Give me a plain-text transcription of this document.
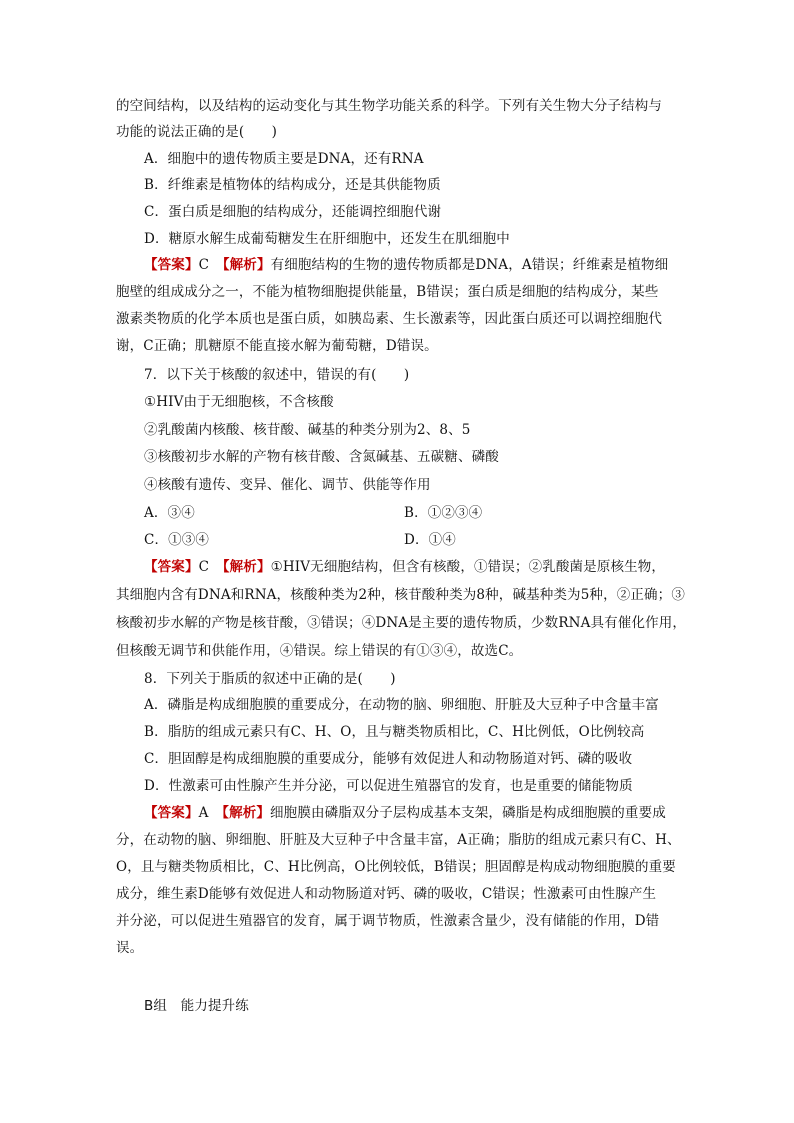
的空间结构，以及结构的运动变化与其生物学功能关系的科学。下列有关生物大分子结构与
功能的说法正确的是(　　)
A．细胞中的遗传物质主要是DNA，还有RNA
B．纤维素是植物体的结构成分，还是其供能物质
C．蛋白质是细胞的结构成分，还能调控细胞代谢
D．糖原水解生成葡萄糖发生在肝细胞中，还发生在肌细胞中
【答案】C　 【解析】有细胞结构的生物的遗传物质都是DNA，A错误；纤维素是植物细
胞壁的组成成分之一，不能为植物细胞提供能量，B错误；蛋白质是细胞的结构成分，某些
激素类物质的化学本质也是蛋白质，如胰岛素、生长激素等，因此蛋白质还可以调控细胞代
谢，C正确；肌糖原不能直接水解为葡萄糖，D错误。
7．以下关于核酸的叙述中，错误的有(　　)
①HIV由于无细胞核，不含核酸
②乳酸菌内核酸、核苷酸、碱基的种类分别为2、8、5
③核酸初步水解的产物有核苷酸、含氮碱基、五碳糖、磷酸
④核酸有遗传、变异、催化、调节、供能等作用
A．③④	B．①②③④
C．①③④	D．①④
【答案】C　 【解析】①HIV无细胞结构，但含有核酸，①错误；②乳酸菌是原核生物，
其细胞内含有DNA和RNA，核酸种类为2种，核苷酸种类为8种，碱基种类为5种，②正确；③
核酸初步水解的产物是核苷酸，③错误；④DNA是主要的遗传物质，少数RNA具有催化作用，
但核酸无调节和供能作用，④错误。综上错误的有①③④，故选C。
8．下列关于脂质的叙述中正确的是(　　)
A．磷脂是构成细胞膜的重要成分，在动物的脑、卵细胞、肝脏及大豆种子中含量丰富
B．脂肪的组成元素只有C、H、O，且与糖类物质相比，C、H比例低，O比例较高
C．胆固醇是构成细胞膜的重要成分，能够有效促进人和动物肠道对钙、磷的吸收
D．性激素可由性腺产生并分泌，可以促进生殖器官的发育，也是重要的储能物质
【答案】A　 【解析】细胞膜由磷脂双分子层构成基本支架，磷脂是构成细胞膜的重要成
分，在动物的脑、卵细胞、肝脏及大豆种子中含量丰富，A正确；脂肪的组成元素只有C、H、
O，且与糖类物质相比，C、H比例高，O比例较低，B错误；胆固醇是构成动物细胞膜的重要
成分，维生素D能够有效促进人和动物肠道对钙、磷的吸收，C错误；性激素可由性腺产生
并分泌，可以促进生殖器官的发育，属于调节物质，性激素含量少，没有储能的作用，D错
误。
B组　能力提升练
